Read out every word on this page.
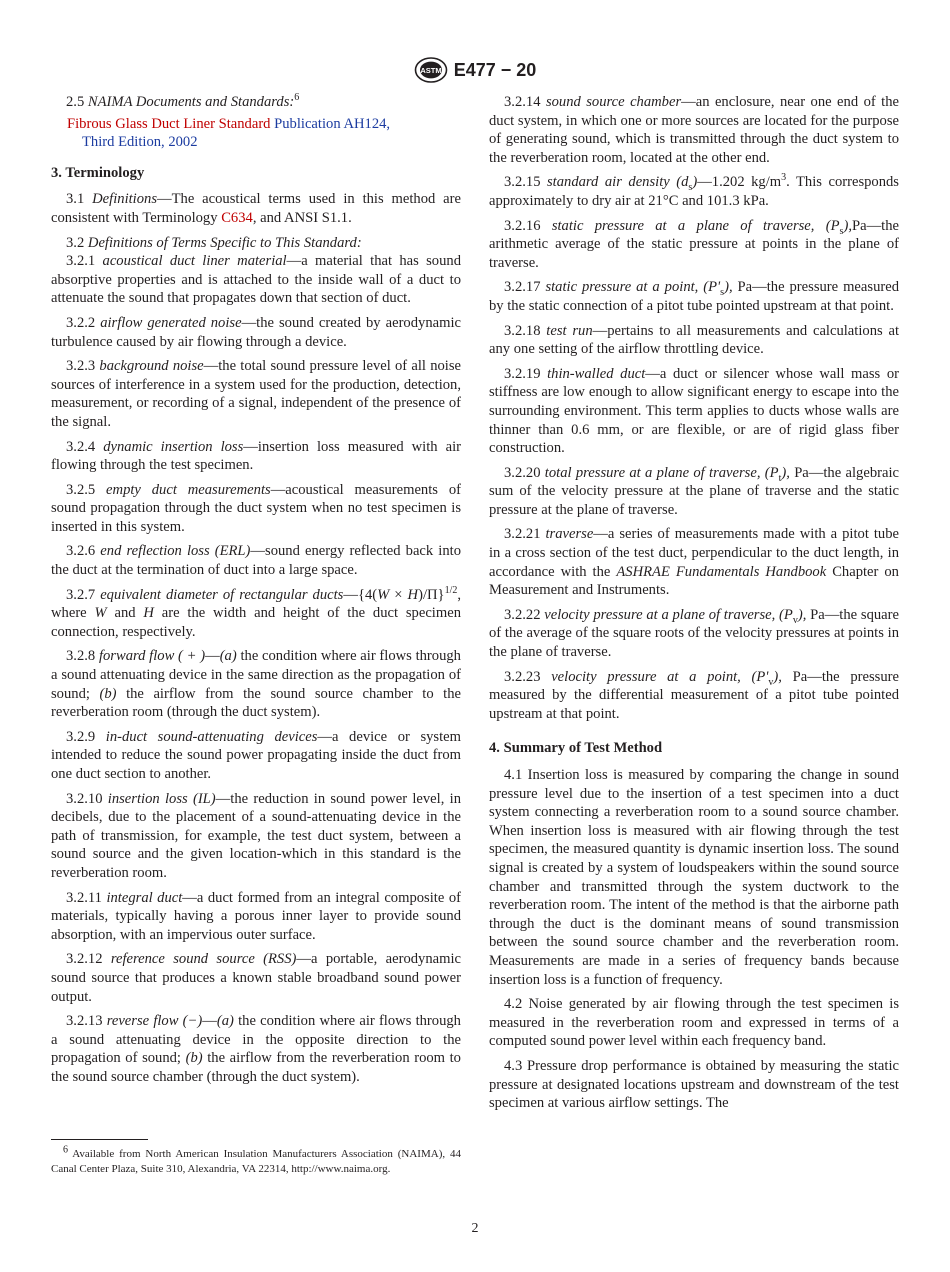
ASTM E477 − 20

2.5 NAIMA Documents and Standards:$^6$

Fibrous Glass Duct Liner Standard Publication AH124,
Third Edition, 2002

3. Terminology

3.1 Definitions—The acoustical terms used in this method are consistent with Terminology C634, and ANSI S1.1.

3.2 Definitions of Terms Specific to This Standard:

3.2.1 acoustical duct liner material—a material that has sound absorptive properties and is attached to the inside wall of a duct to attenuate the sound that propagates down that section of duct.

3.2.2 airflow generated noise—the sound created by aerodynamic turbulence caused by air flowing through a device.

3.2.3 background noise—the total sound pressure level of all noise sources of interference in a system used for the production, detection, measurement, or recording of a signal, independent of the presence of the signal.

3.2.4 dynamic insertion loss—insertion loss measured with air flowing through the test specimen.

3.2.5 empty duct measurements—acoustical measurements of sound propagation through the duct system when no test specimen is inserted in this system.

3.2.6 end reflection loss (ERL)—sound energy reflected back into the duct at the termination of duct into a large space.

3.2.7 equivalent diameter of rectangular ducts—{4(W × H)/Π}$^{1/2}$, where W and H are the width and height of the duct specimen connection, respectively.

3.2.8 forward flow ( + )—(a) the condition where air flows through a sound attenuating device in the same direction as the propagation of sound; (b) the airflow from the sound source chamber to the reverberation room (through the duct system).

3.2.9 in-duct sound-attenuating devices—a device or system intended to reduce the sound power propagating inside the duct from one duct section to another.

3.2.10 insertion loss (IL)—the reduction in sound power level, in decibels, due to the placement of a sound-attenuating device in the path of transmission, for example, the test duct system, between a sound source and the given location-which in this standard is the reverberation room.

3.2.11 integral duct—a duct formed from an integral composite of materials, typically having a porous inner layer to provide sound absorption, with an impervious outer surface.

3.2.12 reference sound source (RSS)—a portable, aerodynamic sound source that produces a known stable broadband sound power output.

3.2.13 reverse flow (−)—(a) the condition where air flows through a sound attenuating device in the opposite direction to the propagation of sound; (b) the airflow from the reverberation room to the sound source chamber (through the duct system).

3.2.14 sound source chamber—an enclosure, near one end of the duct system, in which one or more sources are located for the purpose of generating sound, which is transmitted through the duct system to the reverberation room, located at the other end.

3.2.15 standard air density $(d_s)—1.202$ $kg/m^3$. This corresponds approximately to dry air at 21°C and 101.3 kPa.

3.2.16 static pressure at a plane of traverse, $(P_s),Pa—the$ arithmetic average of the static pressure at points in the plane of traverse.

3.2.17 static pressure at a point, $(P'_s)$, Pa—the pressure measured by the static connection of a pitot tube pointed upstream at that point.

3.2.18 test run—pertains to all measurements and calculations at any one setting of the airflow throttling device.

3.2.19 thin-walled duct—a duct or silencer whose wall mass or stiffness are low enough to allow significant energy to escape into the surrounding environment. This term applies to ducts whose walls are thinner than 0.6 mm, or are flexible, or are of rigid glass fiber construction.

3.2.20 total pressure at a plane of traverse, $(P_t)$, Pa—the algebraic sum of the velocity pressure at the plane of traverse and the static pressure at the plane of traverse.

3.2.21 traverse—a series of measurements made with a pitot tube in a cross section of the test duct, perpendicular to the duct length, in accordance with the ASHRAE Fundamentals Handbook Chapter on Measurement and Instruments.

3.2.22 velocity pressure at a plane of traverse, $(P_v)$, Pa—the square of the average of the square roots of the velocity pressures at points in the plane of traverse.

3.2.23 velocity pressure at a point, $(P'_v)$, Pa—the pressure measured by the differential measurement of a pitot tube pointed upstream at that point.

4. Summary of Test Method

4.1 Insertion loss is measured by comparing the change in sound pressure level due to the insertion of a test specimen into a duct system connecting a reverberation room to a sound source chamber. When insertion loss is measured with air flowing through the test specimen, the measured quantity is dynamic insertion loss. The sound signal is created by a system of loudspeakers within the sound source chamber and transmitted through the system ductwork to the reverberation room. The intent of the method is that the airborne path through the duct is the dominant means of sound transmission between the sound source chamber and the reverberation room. Measurements are made in a series of frequency bands because insertion loss is a function of frequency.

4.2 Noise generated by air flowing through the test specimen is measured in the reverberation room and expressed in terms of a computed sound power level within each frequency band.

4.3 Pressure drop performance is obtained by measuring the static pressure at designated locations upstream and downstream of the test specimen at various airflow settings. The

$^6$ Available from North American Insulation Manufacturers Association (NAIMA), 44 Canal Center Plaza, Suite 310, Alexandria, VA 22314, http://www.naima.org.
2
